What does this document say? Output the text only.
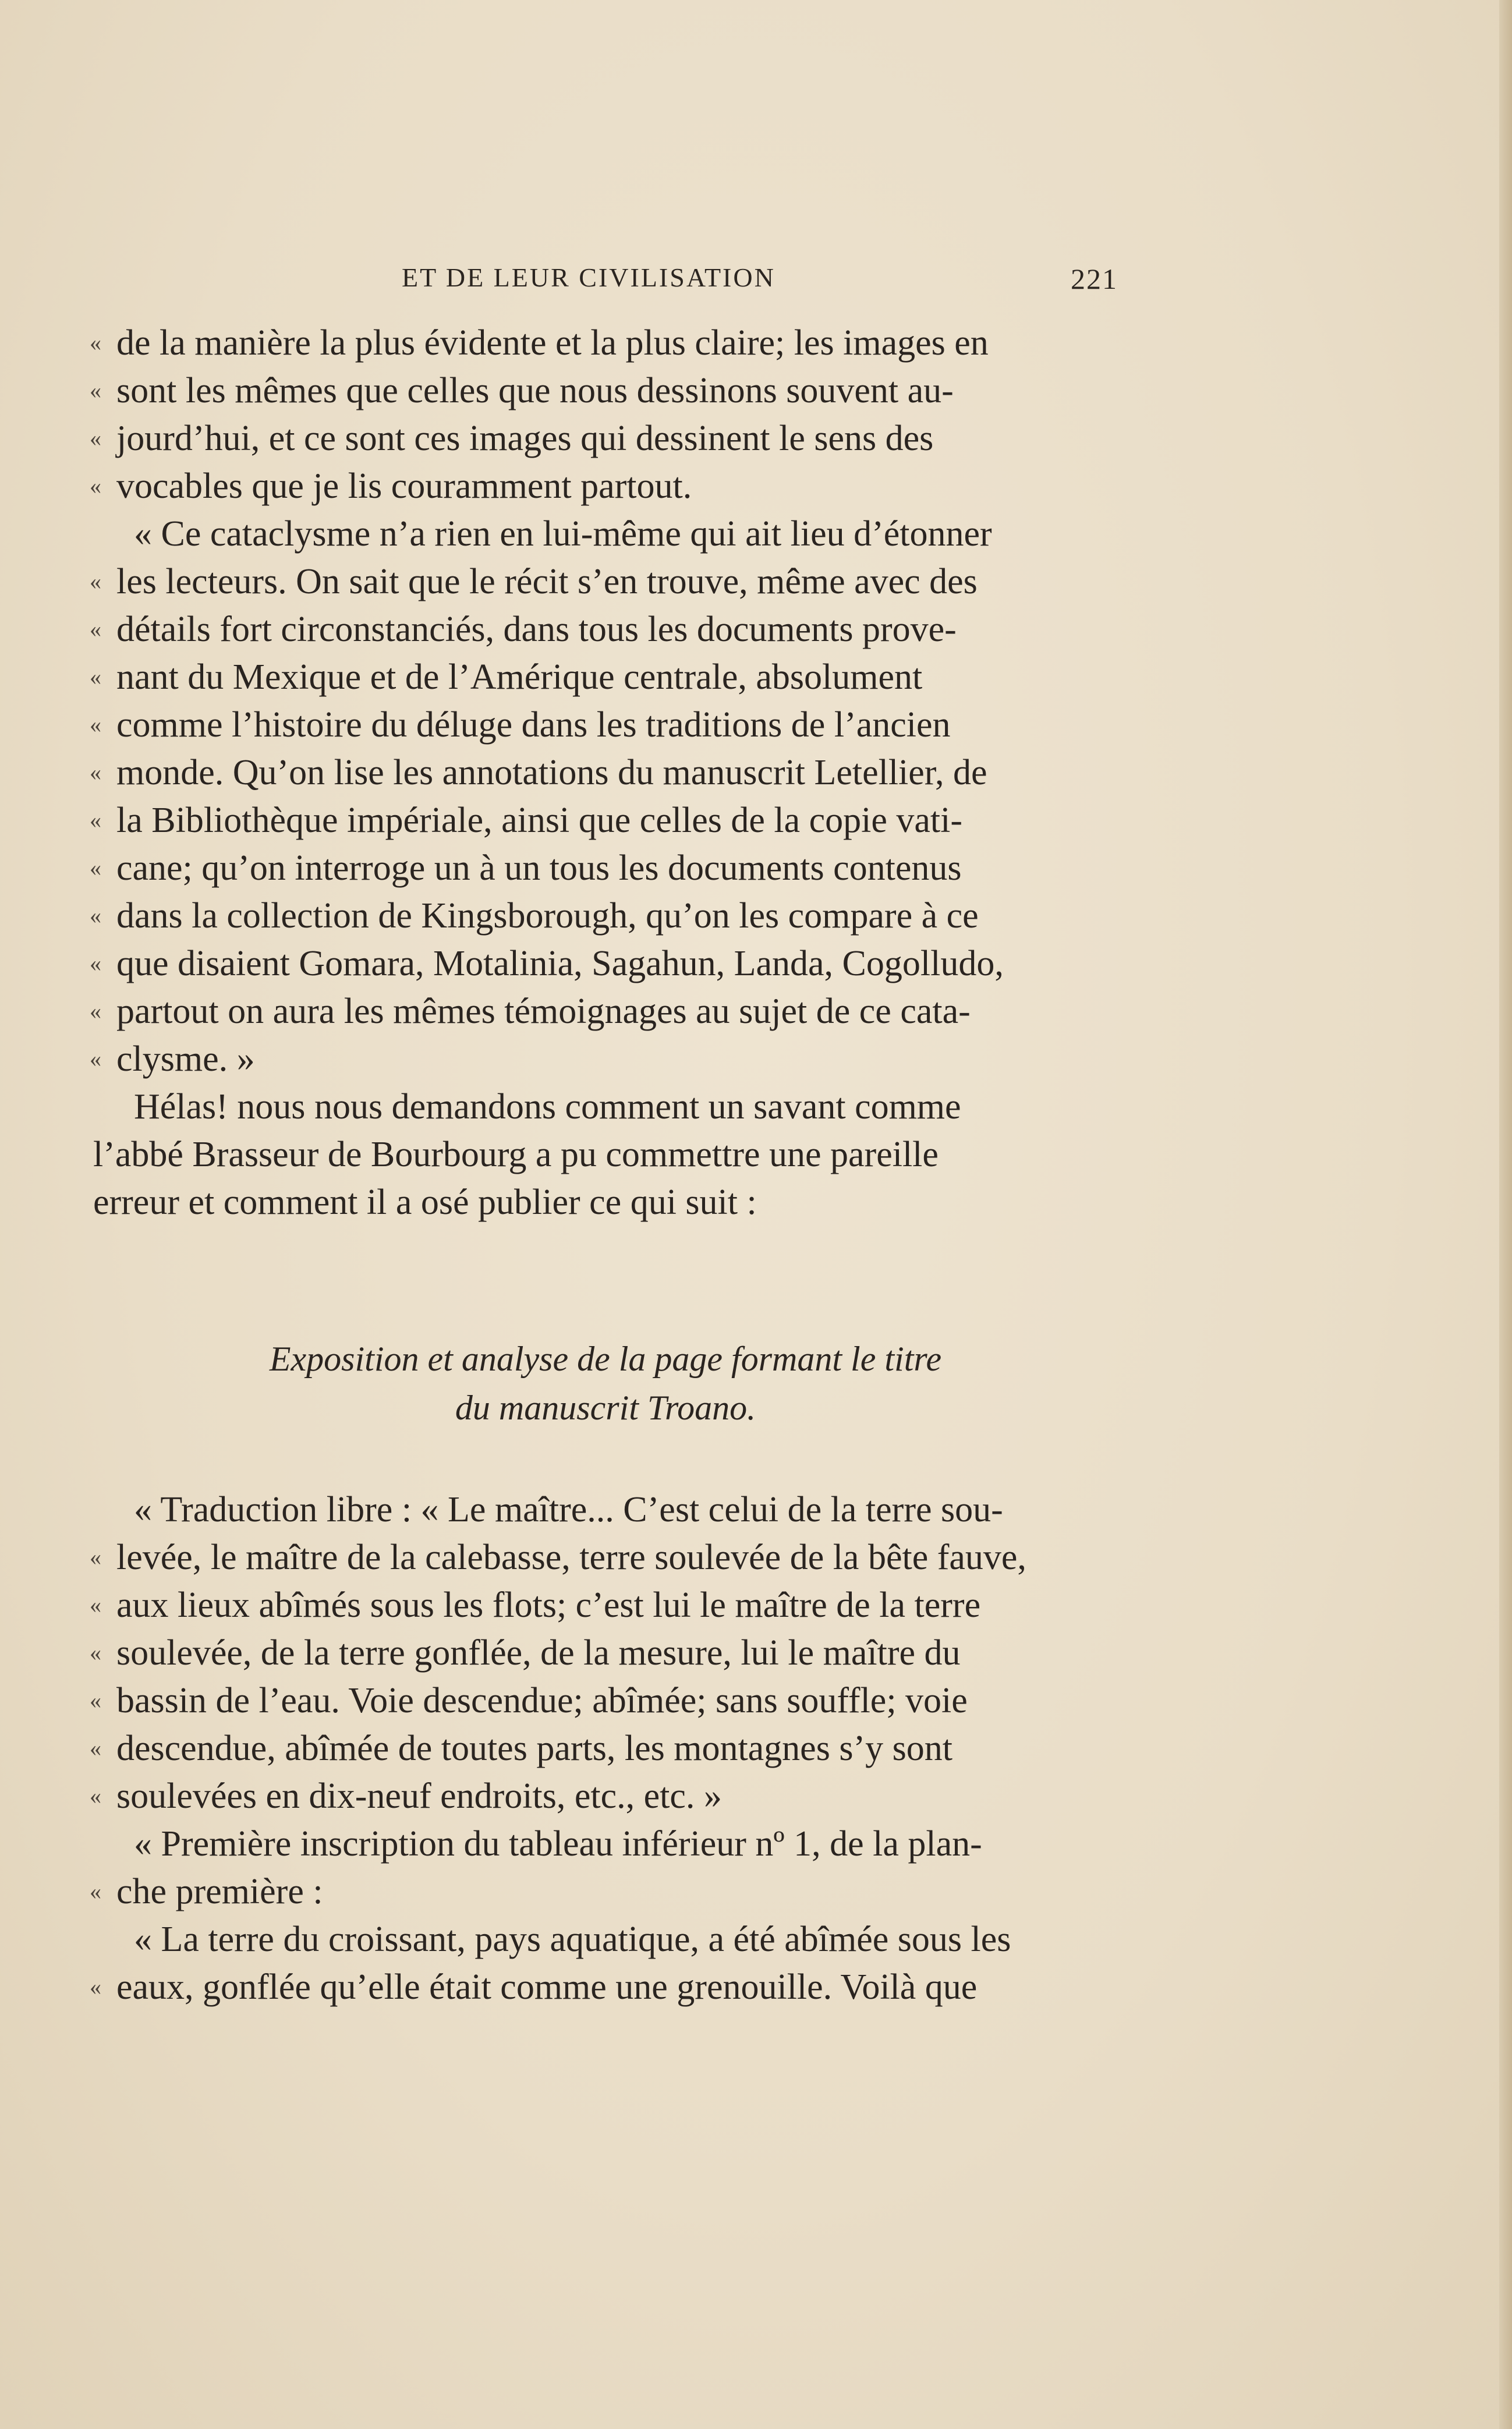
ET DE LEUR CIVILISATION	221
« de la manière la plus évidente et la plus claire; les images en
« sont les mêmes que celles que nous dessinons souvent au-
« jourd’hui, et ce sont ces images qui dessinent le sens des
« vocables que je lis couramment partout.
« Ce cataclysme n’a rien en lui-même qui ait lieu d’étonner
« les lecteurs. On sait que le récit s’en trouve, même avec des
« détails fort circonstanciés, dans tous les documents prove-
« nant du Mexique et de l’Amérique centrale, absolument
« comme l’histoire du déluge dans les traditions de l’ancien
« monde. Qu’on lise les annotations du manuscrit Letellier, de
« la Bibliothèque impériale, ainsi que celles de la copie vati-
« cane; qu’on interroge un à un tous les documents contenus
« dans la collection de Kingsborough, qu’on les compare à ce
« que disaient Gomara, Motalinia, Sagahun, Landa, Cogolludo,
« partout on aura les mêmes témoignages au sujet de ce cata-
« clysme. »
Hélas! nous nous demandons comment un savant comme
l’abbé Brasseur de Bourbourg a pu commettre une pareille
erreur et comment il a osé publier ce qui suit :
Exposition et analyse de la page formant le titre
du manuscrit Troano.
« Traduction libre : « Le maître... C’est celui de la terre sou-
« levée, le maître de la calebasse, terre soulevée de la bête fauve,
« aux lieux abîmés sous les flots; c’est lui le maître de la terre
« soulevée, de la terre gonflée, de la mesure, lui le maître du
« bassin de l’eau. Voie descendue; abîmée; sans souffle; voie
« descendue, abîmée de toutes parts, les montagnes s’y sont
« soulevées en dix-neuf endroits, etc., etc. »
« Première inscription du tableau inférieur nº 1, de la plan-
« che première :
« La terre du croissant, pays aquatique, a été abîmée sous les
« eaux, gonflée qu’elle était comme une grenouille. Voilà que
